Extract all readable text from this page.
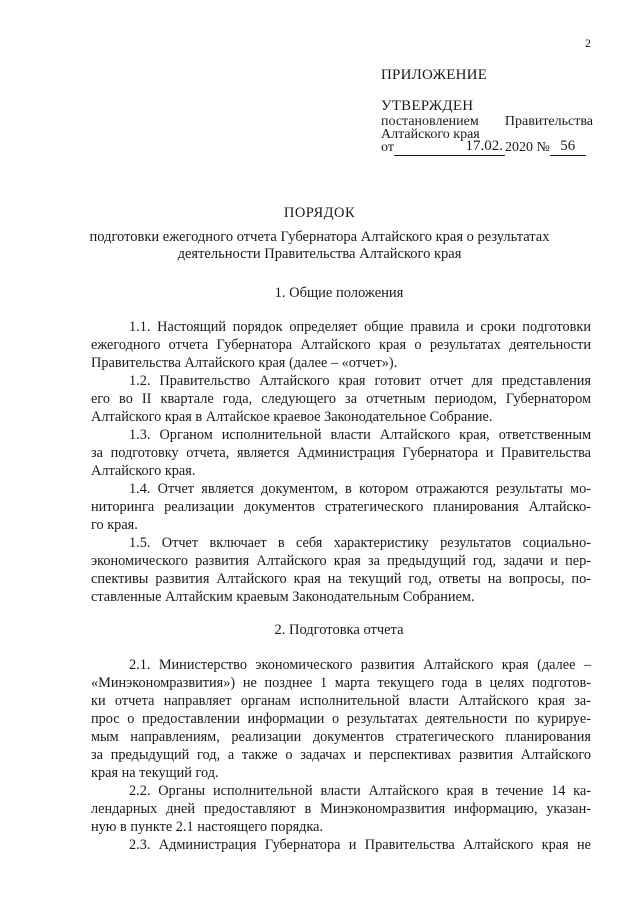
2
ПРИЛОЖЕНИЕ
УТВЕРЖДЕН
постановлением Правительства
Алтайского края
от	17.02. 2020 № 56
ПОРЯДОК
подготовки ежегодного отчета Губернатора Алтайского края о результатах
деятельности Правительства Алтайского края
1. Общие положения
1.1. Настоящий порядок определяет общие правила и сроки подготовки
ежегодного отчета Губернатора Алтайского края о результатах деятельности
Правительства Алтайского края (далее – «отчет»).
1.2. Правительство Алтайского края готовит отчет для представления
его во II квартале года, следующего за отчетным периодом, Губернатором
Алтайского края в Алтайское краевое Законодательное Собрание.
1.3. Органом исполнительной власти Алтайского края, ответственным
за подготовку отчета, является Администрация Губернатора и Правительства
Алтайского края.
1.4. Отчет является документом, в котором отражаются результаты мо-
ниторинга реализации документов стратегического планирования Алтайско-
го края.
1.5. Отчет включает в себя характеристику результатов социально-
экономического развития Алтайского края за предыдущий год, задачи и пер-
спективы развития Алтайского края на текущий год, ответы на вопросы, по-
ставленные Алтайским краевым Законодательным Собранием.
2. Подготовка отчета
2.1. Министерство экономического развития Алтайского края (далее –
«Минэкономразвития») не позднее 1 марта текущего года в целях подготов-
ки отчета направляет органам исполнительной власти Алтайского края за-
прос о предоставлении информации о результатах деятельности по курируе-
мым направлениям, реализации документов стратегического планирования
за предыдущий год, а также о задачах и перспективах развития Алтайского
края на текущий год.
2.2. Органы исполнительной власти Алтайского края в течение 14 ка-
лендарных дней предоставляют в Минэкономразвития информацию, указан-
ную в пункте 2.1 настоящего порядка.
2.3. Администрация Губернатора и Правительства Алтайского края не
